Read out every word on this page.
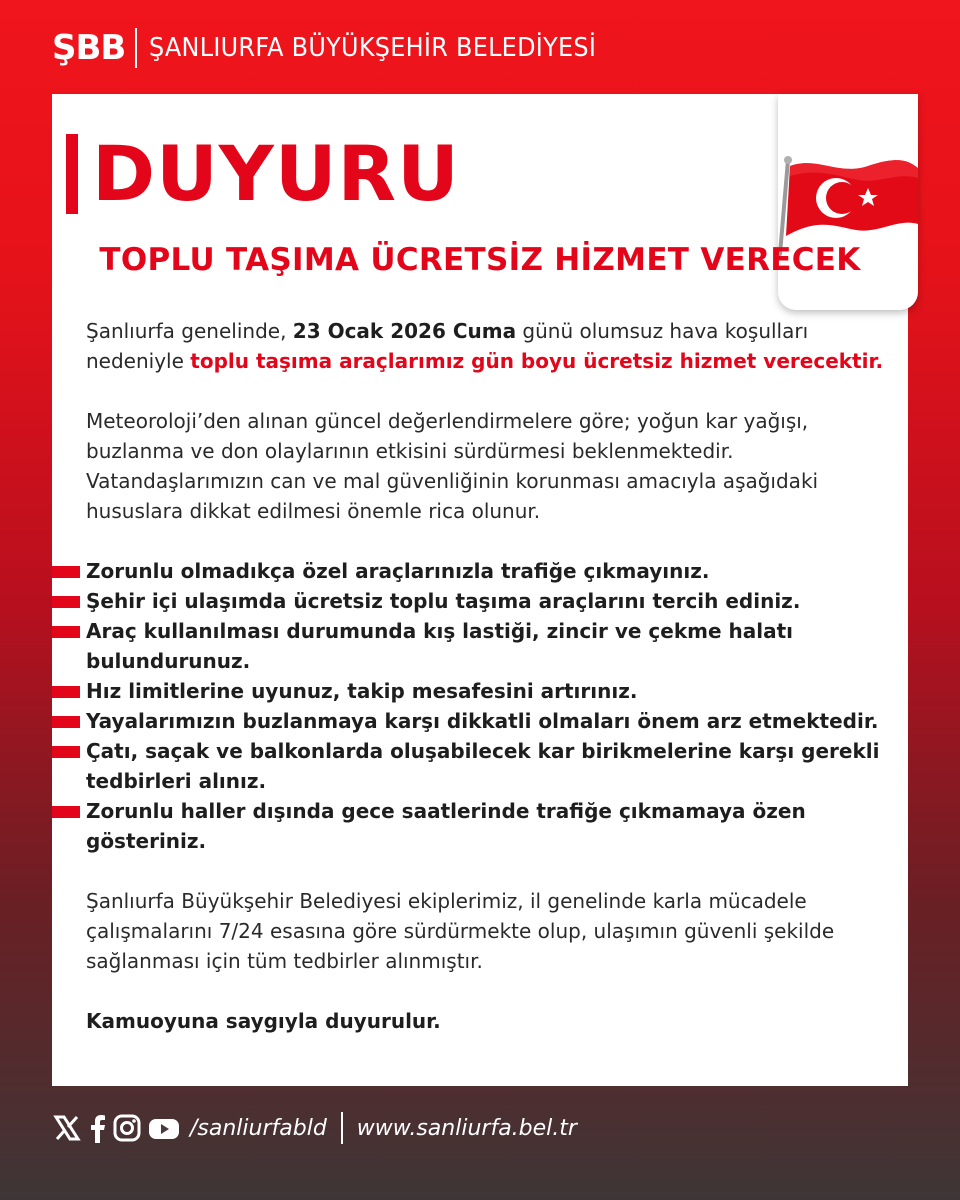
ŞBB ŞANLIURFA BÜYÜKŞEHİR BELEDİYESİ
DUYURU
TOPLU TAŞIMA ÜCRETSİZ HİZMET VERECEK

Şanlıurfa genelinde, 23 Ocak 2026 Cuma günü olumsuz hava koşulları nedeniyle toplu taşıma araçlarımız gün boyu ücretsiz hizmet verecektir.

Meteoroloji’den alınan güncel değerlendirmelere göre; yoğun kar yağışı, buzlanma ve don olaylarının etkisini sürdürmesi beklenmektedir. Vatandaşlarımızın can ve mal güvenliğinin korunması amacıyla aşağıdaki hususlara dikkat edilmesi önemle rica olunur.

Zorunlu olmadıkça özel araçlarınızla trafiğe çıkmayınız.
Şehir içi ulaşımda ücretsiz toplu taşıma araçlarını tercih ediniz.
Araç kullanılması durumunda kış lastiği, zincir ve çekme halatı bulundurunuz.
Hız limitlerine uyunuz, takip mesafesini artırınız.
Yayalarımızın buzlanmaya karşı dikkatli olmaları önem arz etmektedir.
Çatı, saçak ve balkonlarda oluşabilecek kar birikmelerine karşı gerekli tedbirleri alınız.
Zorunlu haller dışında gece saatlerinde trafiğe çıkmamaya özen gösteriniz.

Şanlıurfa Büyükşehir Belediyesi ekiplerimiz, il genelinde karla mücadele çalışmalarını 7/24 esasına göre sürdürmekte olup, ulaşımın güvenli şekilde sağlanması için tüm tedbirler alınmıştır.

Kamuoyuna saygıyla duyurulur.

/sanliurfabld www.sanliurfa.bel.tr
